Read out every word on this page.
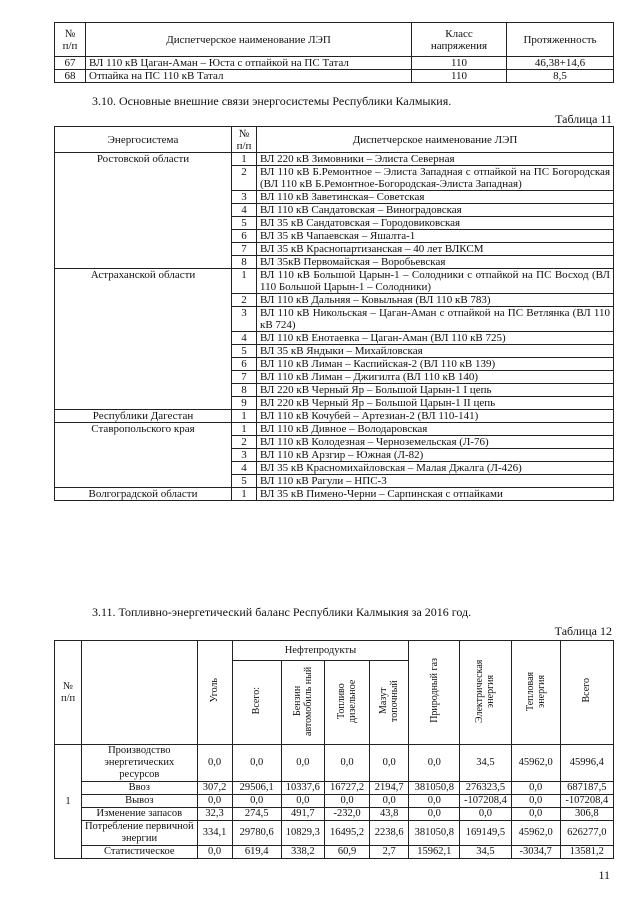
№
п/п	Диспетчерское наименование ЛЭП	Класс
напряжения	Протяженность
67	ВЛ 110 кВ Цаган-Аман – Юста с отпайкой на ПС Татал	110	46,38+14,6
68	Отпайка на ПС 110 кВ Татал	110	8,5
3.10. Основные внешние связи энергосистемы Республики Калмыкия.
Таблица 11
Энергосистема	№
п/п	Диспетчерское наименование ЛЭП
Ростовской области	1	ВЛ 220 кВ Зимовники – Элиста Северная
	2	ВЛ 110 кВ Б.Ремонтное – Элиста Западная с отпайкой на ПС Богородская (ВЛ 110 кВ Б.Ремонтное-Богородская-Элиста Западная)
	3	ВЛ 110 кВ Заветинская– Советская
	4	ВЛ 110 кВ Сандатовская – Виноградовская
	5	ВЛ 35 кВ Сандатовская – Городовиковская
	6	ВЛ 35 кВ Чапаевская – Яшалта-1
	7	ВЛ 35 кВ Краснопартизанская – 40 лет ВЛКСМ
	8	ВЛ 35кВ Первомайская – Воробьевская
Астраханской области	1	ВЛ 110 кВ Большой Царын-1 – Солодники с отпайкой на ПС Восход (ВЛ 110 Большой Царын-1 – Солодники)
	2	ВЛ 110 кВ Дальняя – Ковыльная (ВЛ 110 кВ 783)
	3	ВЛ 110 кВ Никольская – Цаган-Аман с отпайкой на ПС Ветлянка (ВЛ 110 кВ 724)
	4	ВЛ 110 кВ Енотаевка – Цаган-Аман (ВЛ 110 кВ 725)
	5	ВЛ 35 кВ Яндыки – Михайловская
	6	ВЛ 110 кВ Лиман – Каспийская-2 (ВЛ 110 кВ 139)
	7	ВЛ 110 кВ Лиман – Джигилта (ВЛ 110 кВ 140)
	8	ВЛ 220 кВ Черный Яр – Большой Царын-1 I цепь
	9	ВЛ 220 кВ Черный Яр – Большой Царын-1 II цепь
Республики Дагестан	1	ВЛ 110 кВ Кочубей – Артезиан-2 (ВЛ 110-141)
Ставропольского края	1	ВЛ 110 кВ Дивное – Володаровская
	2	ВЛ 110 кВ Колодезная – Черноземельская (Л-76)
	3	ВЛ 110 кВ Арзгир – Южная (Л-82)
	4	ВЛ 35 кВ Красномихайловская – Малая Джалга (Л-426)
	5	ВЛ 110 кВ Рагули – НПС-3
Волгоградской области	1	ВЛ 35 кВ Пимено-Черни – Сарпинская с отпайками
3.11. Топливно-энергетический баланс Республики Калмыкия за 2016 год.
Таблица 12
№
п/п		Уголь	Нефтепродукты				Природный газ	Электрическая энергия	Тепловая энергия	Всего
			Всего:	Бензин автомобиль ный	Топливо дизельное	Мазут топочный				
1	Производство энергетических ресурсов	0,0	0,0	0,0	0,0	0,0	0,0	34,5	45962,0	45996,4
	Ввоз	307,2	29506,1	10337,6	16727,2	2194,7	381050,8	276323,5	0,0	687187,5
	Вывоз	0,0	0,0	0,0	0,0	0,0	0,0	-107208,4	0,0	-107208,4
	Изменение запасов	32,3	274,5	491,7	-232,0	43,8	0,0	0,0	0,0	306,8
	Потребление первичной энергии	334,1	29780,6	10829,3	16495,2	2238,6	381050,8	169149,5	45962,0	626277,0
	Статистическое	0,0	619,4	338,2	60,9	2,7	15962,1	34,5	-3034,7	13581,2
11
